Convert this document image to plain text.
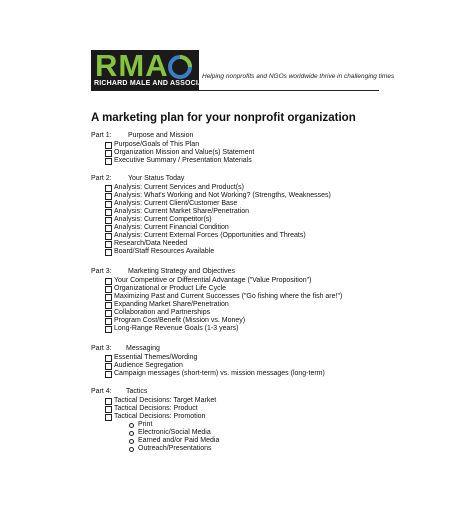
RMA
RICHARD MALE AND ASSOCIATES
Helping nonprofits and NGOs worldwide thrive in challenging times
A marketing plan for your nonprofit organization
Part 1: Purpose and Mission
Purpose/Goals of This Plan
Organization Mission and Value(s) Statement
Executive Summary / Presentation Materials
Part 2: Your Status Today
Analysis: Current Services and Product(s)
Analysis: What's Working and Not Working? (Strengths, Weaknesses)
Analysis: Current Client/Customer Base
Analysis: Current Market Share/Penetration
Analysis: Current Competitor(s)
Analysis: Current Financial Condition
Analysis: Current External Forces (Opportunities and Threats)
Research/Data Needed
Board/Staff Resources Available
Part 3: Marketing Strategy and Objectives
Your Competitive or Differential Advantage ("Value Proposition")
Organizational or Product Life Cycle
Maximizing Past and Current Successes ("Go fishing where the fish are!")
Expanding Market Share/Penetration
Collaboration and Partnerships
Program Cost/Benefit (Mission vs. Money)
Long-Range Revenue Goals (1-3 years)
Part 3: Messaging
Essential Themes/Wording
Audience Segregation
Campaign messages (short-term) vs. mission messages (long-term)
Part 4: Tactics
Tactical Decisions: Target Market
Tactical Decisions: Product
Tactical Decisions: Promotion
Print
Electronic/Social Media
Earned and/or Paid Media
Outreach/Presentations
